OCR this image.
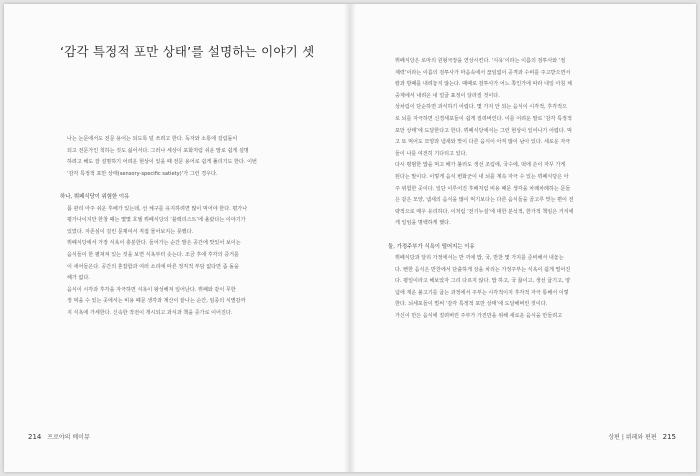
‘감각 특정적 포만 상태’를 설명하는 이야기 셋

나는 논문에서도 전문 용어는 되도록 덜 쓰려고 한다. 독자와 소통에 걸림돌이
되고 전문가인 척하는 것도 싫어서다. 그러나 세상이 포화처럼 쉬운 말로 쉽게 설명
하려고 해도 잘 설명하기 어려운 현상이 있을 때 전문 용어로 쉽게 풀리기도 한다. 이번
‘감각 특정적 포만 상태(sensory-specific satiety)’가 그런 경우다.

하나, 뷔페식당이 위험한 이유

몸 관리 아주 쉬운 후배가 있는데, 선 체구를 유지하려면 많이 먹어야 한다. 평가나
평가나이지만 한창 때는 몇몇 호텔 뷔페식당의 ‘블랙리스트’에 올랐다는 이야기가
있었다. 자존심이 걸린 문제여서 직접 물어보지는 못했다.

뷔페식당에서 가장 식욕이 충분한다. 들어가는 순간 발은 공간에 맛있어 보이는
음식들이 한 펼쳐져 있는 것을 보면 식욕부터 솟는다. 조금 후에 후각의 증거를
이 새어들온다. 공간의 혼잡함과 여러 소리에 따른 정직적 부담 없다면 좀 돌을
해가 없다.

음식이 시각과 후각을 자극하면 식욕이 왕성해져 일어난다. 뷔페와 같이 무한
정 먹을 수 있는 곳에서는 비용 때문 생각과 계산이 끝나는 순간, 임종의 식별감까
지 식욕에 가세한다. 신속한 작전이 개시되고 과식과 책을 증가로 이어진다.

214 프로야의 베이뮤

뷔페식당은 로마의 원형극장을 연상시킨다. ‘식욕’이라는 이름의 검투사와 ‘절
제력’이라는 이름의 검투사가 마음속에서 끊임없이 공격과 수비를 주고받으면서
칼과 방패를 내려놓지 않는다. 때때로 검투사가 어느 쪽인가에 따라 내일 아침 체
중계에서 내려온 내 얼굴 표정이 달라질 것이다.

상차림이 단순하면 과식하기 어렵다. 몇 가지 안 되는 음식이 시각적, 후각적으
로 뇌를 자극하면 신경세포들이 쉽게 질려버린다. 이를 어려운 말로 ‘감각 특정적
포만 상태’에 도달한다고 한다. 뷔페식당에서는 그런 현상이 일어나기 어렵다. 먹
고 또 먹어도 모양과 냄새와 맛이 다른 음식이 아직 많이 남아 있다. 새로운 자극
들이 나를 여전히 기다리고 있다.

다시 평범한 밥을 먹고 배가 불러도 생선 조림에, 국수에, 떡에 손이 자꾸 가게
된다는 말이다. 이렇게 음식 변화군이 내 뇌를 계속 자극 수 있는 뷔페식당은 아
주 위험한 곳이다. 일단 이루어진 후배처럼 비용 때문 생각을 차례차례하는 문들
은 같은 모양, 냄새의 음식을 많이 먹기보다는 다른 음식들을 골고루 맛는 편이 전
략적으로 매우 유리하다. 이처럼 ‘전기누설’에 대한 분석적, 한가적 책임은 거지에
게 일임을 명백하게 했다.

둘, 가정주부가 식욕이 떨어지는 이유

뷔페식당과 달리 가정에서는 반 끼에 밥, 국, 반찬 몇 가지를 준비해서 내놓는
다. 뻔한 음식은 반찬에서 단출하게 상을 차리는 가정주부는 식욕이 쉽게 떨어진
다. 평일이라고 해보았자 그리 다르지 않다. 밥 하고, 국 끓이고, 생선 굽기고, 양
념에 재운 불고기를 굽는 과정에서 주부는 시각적이지 후각적 자극 통해서 이렇
한다. 뇌세포들이 벌써 ‘감각 특정적 포만 상태’에 도달해버린 것이다.

가신이 만든 음식에 질려버린 주부가 가진만을 위해 새로운 음식을 만들려고

상편 | 뷔페와 편편 215
